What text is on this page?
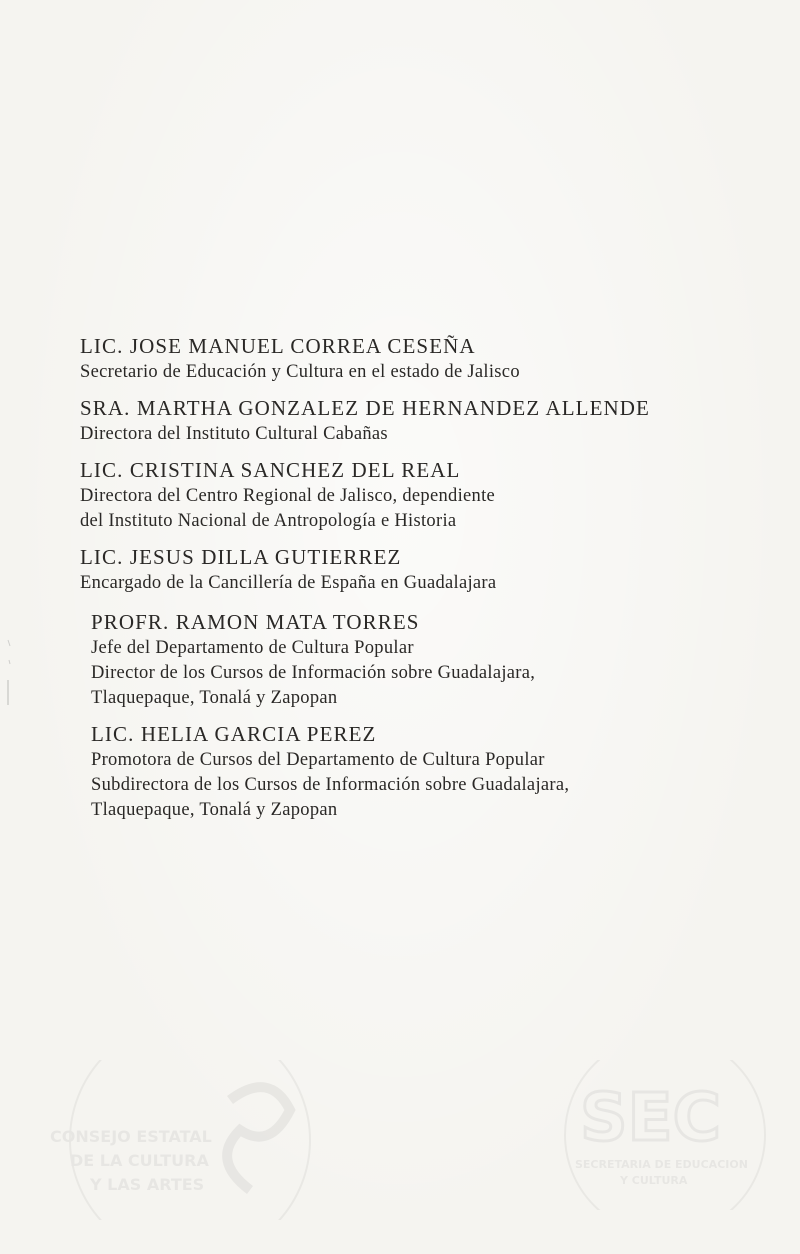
LIC. JOSE MANUEL CORREA CESEÑA
Secretario de Educación y Cultura en el estado de Jalisco
SRA. MARTHA GONZALEZ DE HERNANDEZ ALLENDE
Directora del Instituto Cultural Cabañas
LIC. CRISTINA SANCHEZ DEL REAL
Directora del Centro Regional de Jalisco, dependiente
del Instituto Nacional de Antropología e Historia
LIC. JESUS DILLA GUTIERREZ
Encargado de la Cancillería de España en Guadalajara
PROFR. RAMON MATA TORRES
Jefe del Departamento de Cultura Popular
Director de los Cursos de Información sobre Guadalajara,
Tlaquepaque, Tonalá y Zapopan
LIC. HELIA GARCIA PEREZ
Promotora de Cursos del Departamento de Cultura Popular
Subdirectora de los Cursos de Información sobre Guadalajara,
Tlaquepaque, Tonalá y Zapopan
CONSEJO ESTATAL
DE LA CULTURA
Y LAS ARTES
SEC
SECRETARIA DE EDUCACION
Y CULTURA
